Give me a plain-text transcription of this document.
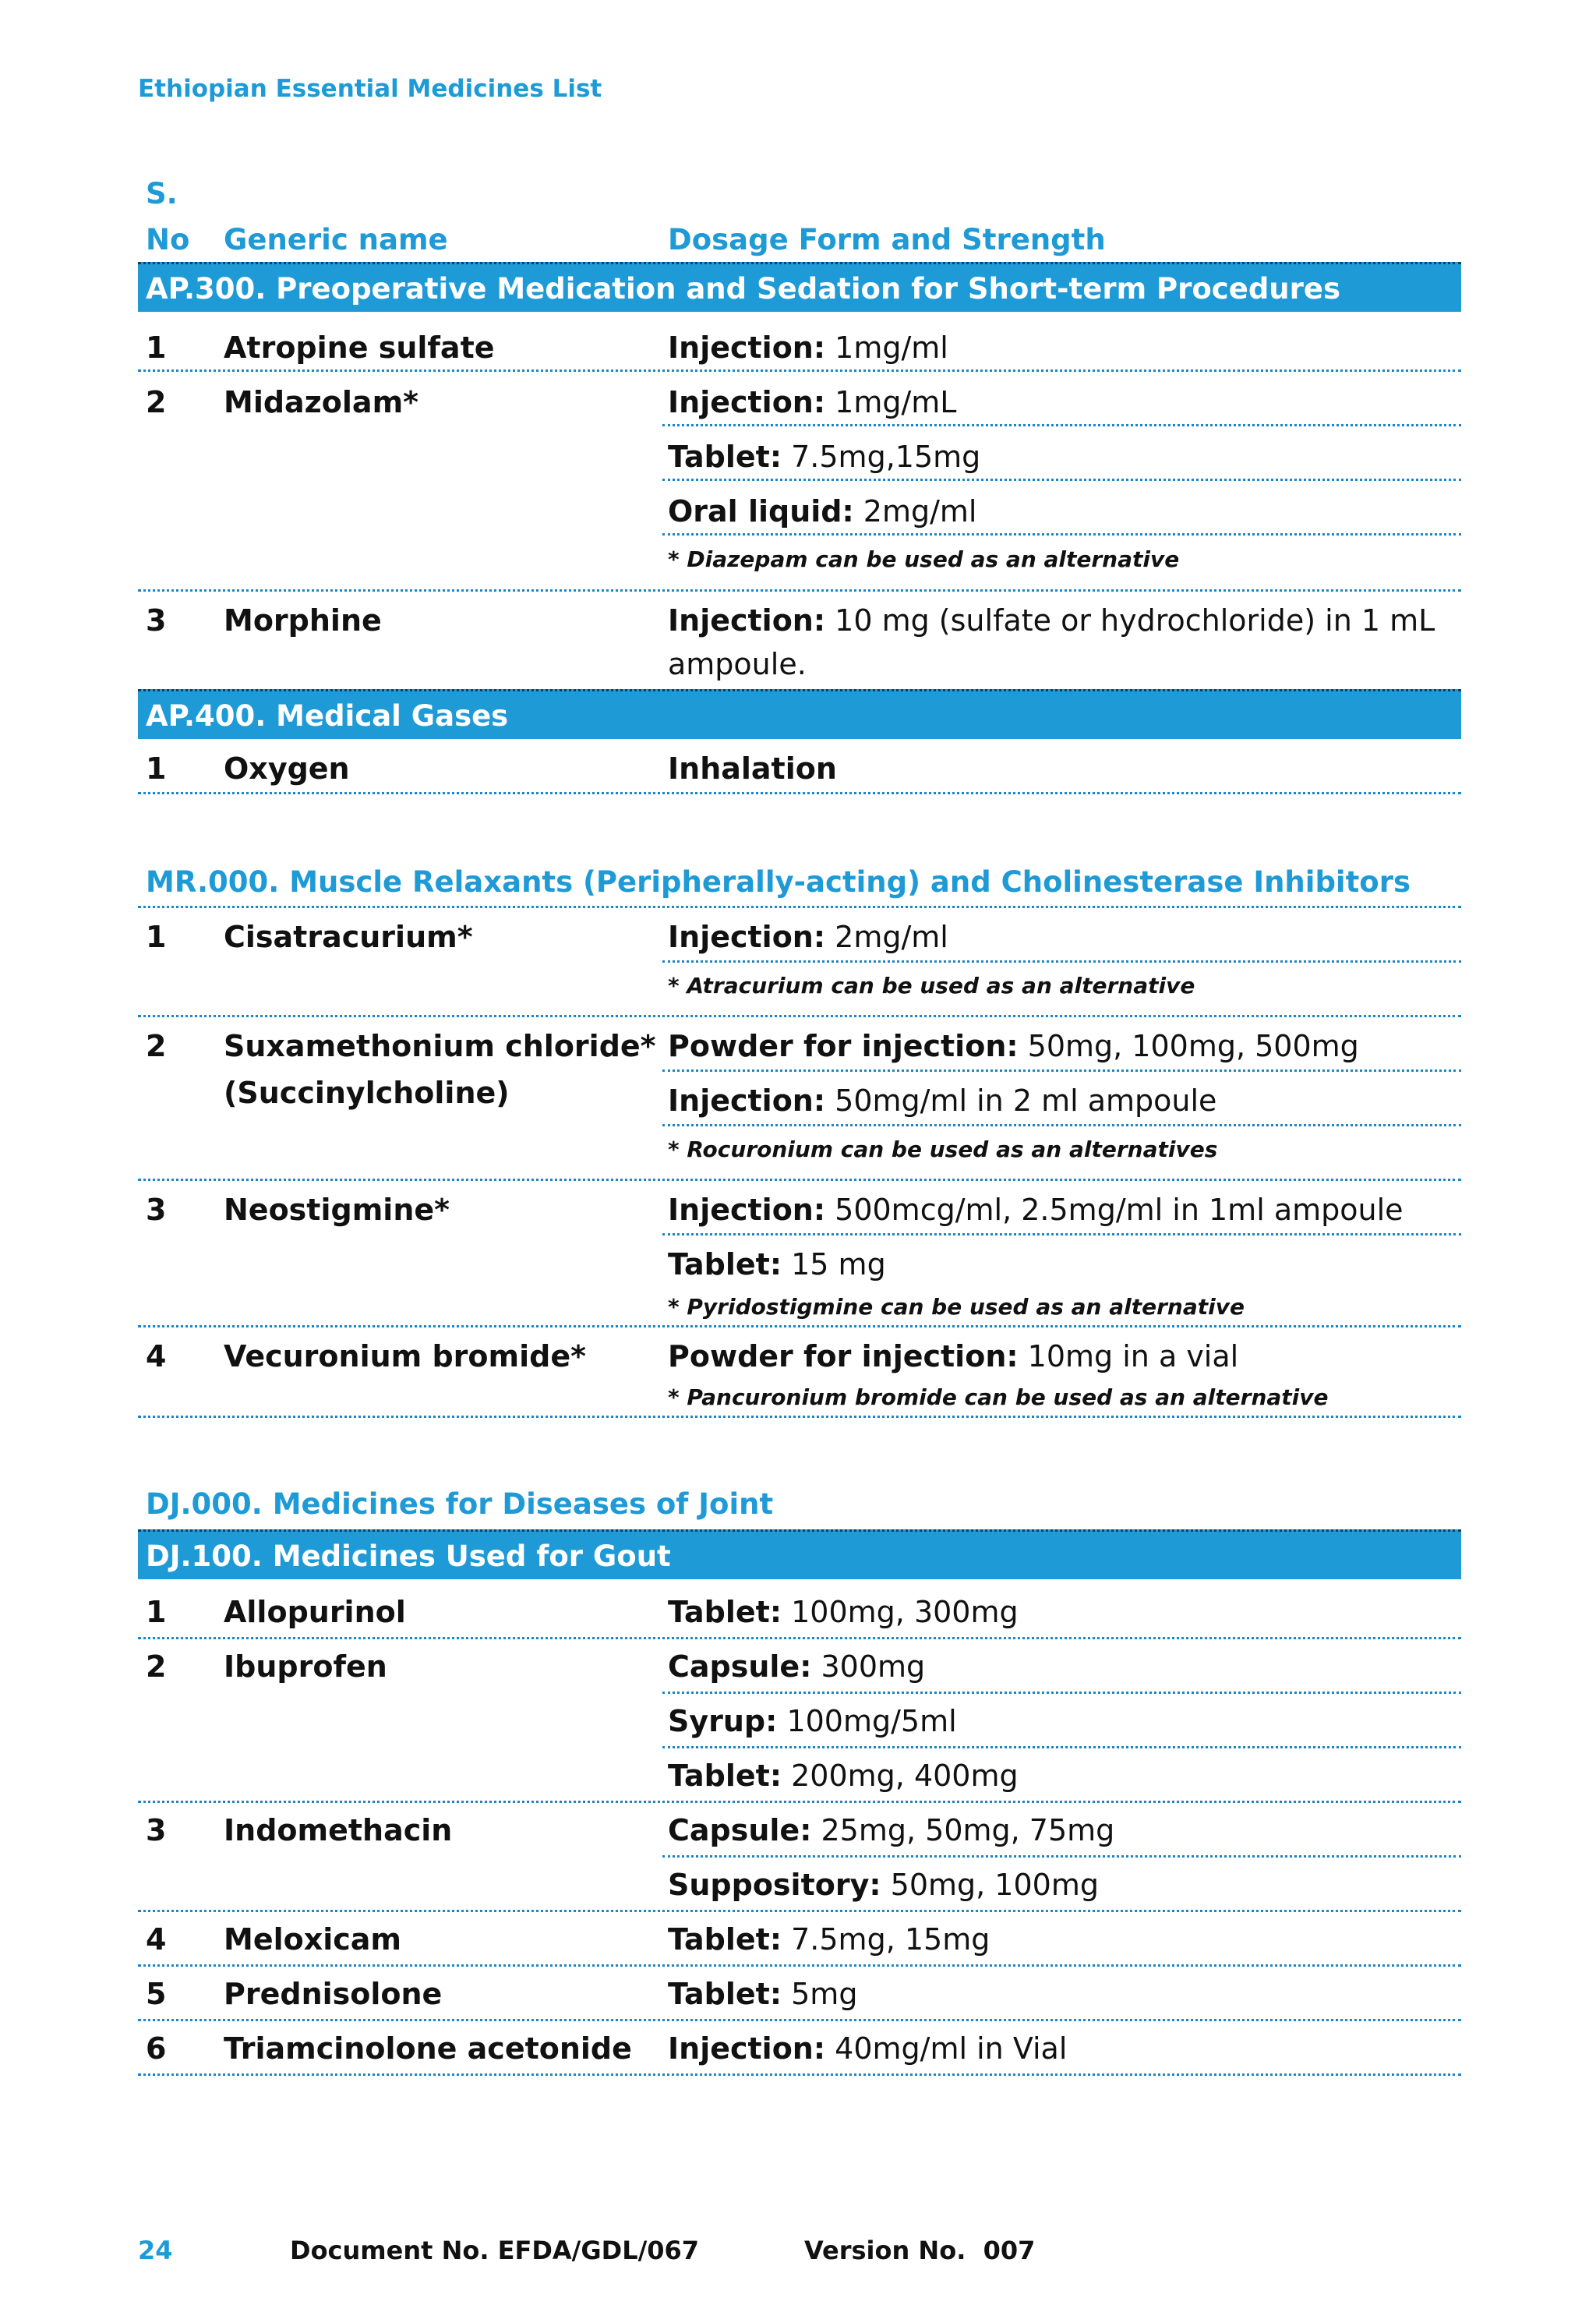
Ethiopian Essential Medicines List
S.
No Generic name	Dosage Form and Strength
AP.300. Preoperative Medication and Sedation for Short-term Procedures
1 Atropine sulfate	Injection: 1mg/ml
2 Midazolam*	Injection: 1mg/mL
Tablet: 7.5mg,15mg
Oral liquid: 2mg/ml
* Diazepam can be used as an alternative
3 Morphine	Injection: 10 mg (sulfate or hydrochloride) in 1 mL ampoule.
AP.400. Medical Gases
1 Oxygen	Inhalation
MR.000. Muscle Relaxants (Peripherally-acting) and Cholinesterase Inhibitors
1 Cisatracurium*	Injection: 2mg/ml
* Atracurium can be used as an alternative
2 Suxamethonium chloride*
(Succinylcholine)
Powder for injection: 50mg, 100mg, 500mg
Injection: 50mg/ml in 2 ml ampoule
* Rocuronium can be used as an alternatives
3 Neostigmine*	Injection: 500mcg/ml, 2.5mg/ml in 1ml ampoule
Tablet: 15 mg
* Pyridostigmine can be used as an alternative
4 Vecuronium bromide*	Powder for injection: 10mg in a vial
* Pancuronium bromide can be used as an alternative
DJ.000. Medicines for Diseases of Joint
DJ.100. Medicines Used for Gout
1 Allopurinol	Tablet: 100mg, 300mg
2 Ibuprofen	Capsule: 300mg
Syrup: 100mg/5ml
Tablet: 200mg, 400mg
3 Indomethacin	Capsule: 25mg, 50mg, 75mg
Suppository: 50mg, 100mg
4 Meloxicam	Tablet: 7.5mg, 15mg
5 Prednisolone	Tablet: 5mg
6 Triamcinolone acetonide Injection: 40mg/ml in Vial
24	Document No. EFDA/GDL/067	Version No.  007
